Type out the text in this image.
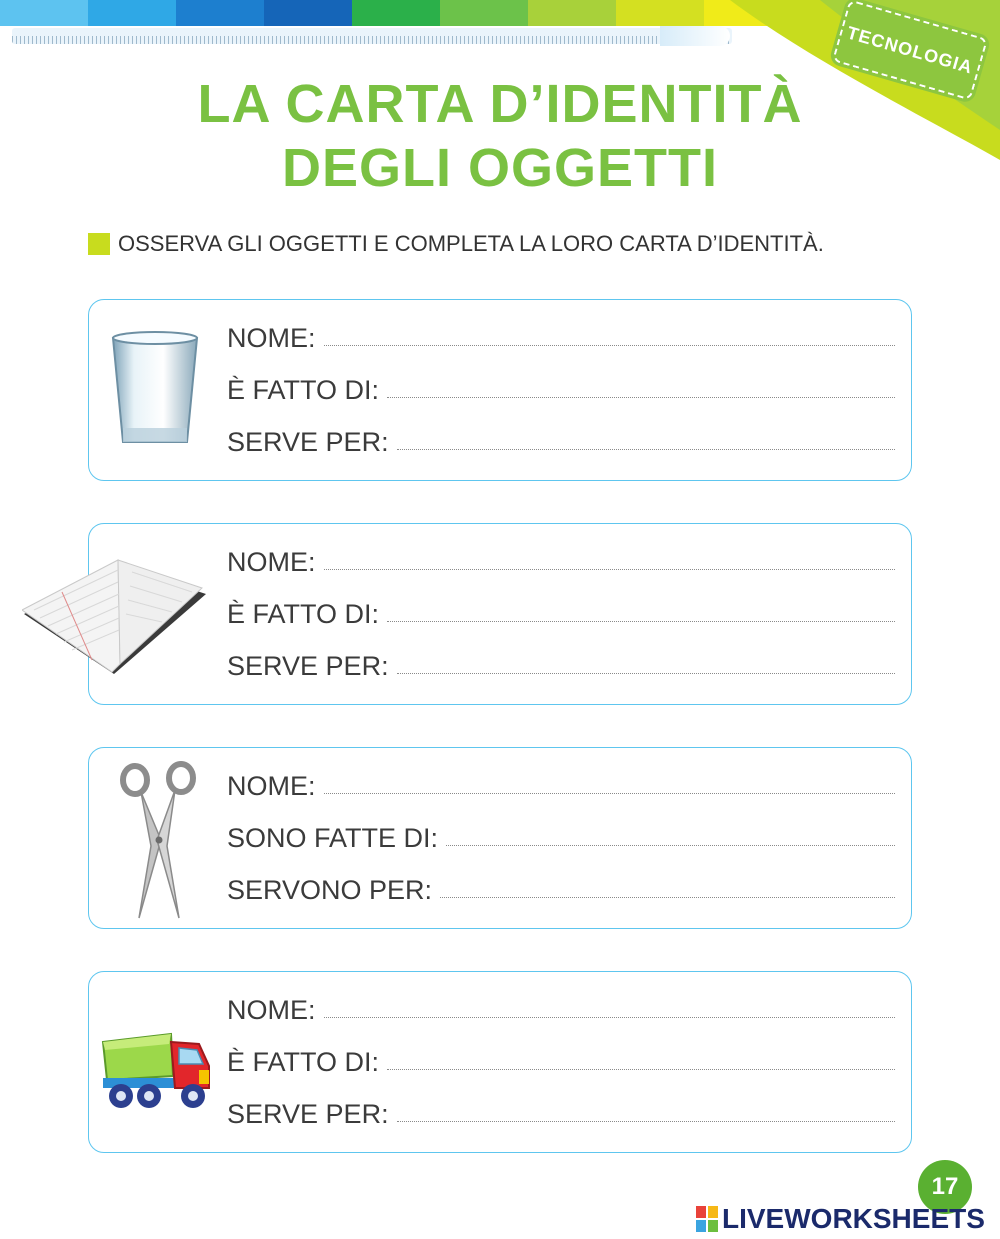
TECNOLOGIA
LA CARTA D’IDENTITÀ
DEGLI OGGETTI
OSSERVA GLI OGGETTI E COMPLETA LA LORO CARTA D’IDENTITÀ.
NOME:
È FATTO DI:
SERVE PER:
NOME:
È FATTO DI:
SERVE PER:
NOME:
SONO FATTE DI:
SERVONO PER:
NOME:
È FATTO DI:
SERVE PER:
17
LIVEWORKSHEETS
